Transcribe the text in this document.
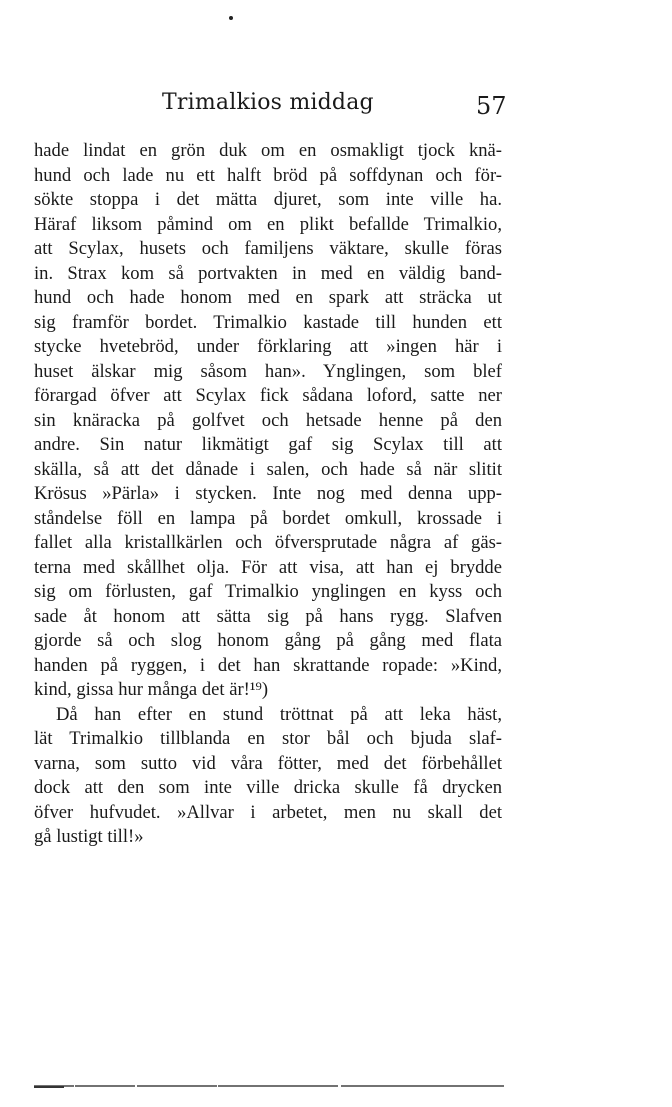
Trimalkios middag	57
hade lindat en grön duk om en osmakligt tjock knä-
hund och lade nu ett halft bröd på soffdynan och för-
sökte stoppa i det mätta djuret, som inte ville ha.
Häraf liksom påmind om en plikt befallde Trimalkio,
att Scylax, husets och familjens väktare, skulle föras
in. Strax kom så portvakten in med en väldig band-
hund och hade honom med en spark att sträcka ut
sig framför bordet. Trimalkio kastade till hunden ett
stycke hvetebröd, under förklaring att »ingen här i
huset älskar mig såsom han». Ynglingen, som blef
förargad öfver att Scylax fick sådana loford, satte ner
sin knäracka på golfvet och hetsade henne på den
andre. Sin natur likmätigt gaf sig Scylax till att
skälla, så att det dånade i salen, och hade så när slitit
Krösus »Pärla» i stycken. Inte nog med denna upp-
ståndelse föll en lampa på bordet omkull, krossade i
fallet alla kristallkärlen och öfversprutade några af gäs-
terna med skållhet olja. För att visa, att han ej brydde
sig om förlusten, gaf Trimalkio ynglingen en kyss och
sade åt honom att sätta sig på hans rygg. Slafven
gjorde så och slog honom gång på gång med flata
handen på ryggen, i det han skrattande ropade: »Kind,
kind, gissa hur många det är!¹⁹)
Då han efter en stund tröttnat på att leka häst,
lät Trimalkio tillblanda en stor bål och bjuda slaf-
varna, som sutto vid våra fötter, med det förbehållet
dock att den som inte ville dricka skulle få drycken
öfver hufvudet. »Allvar i arbetet, men nu skall det
gå lustigt till!»
